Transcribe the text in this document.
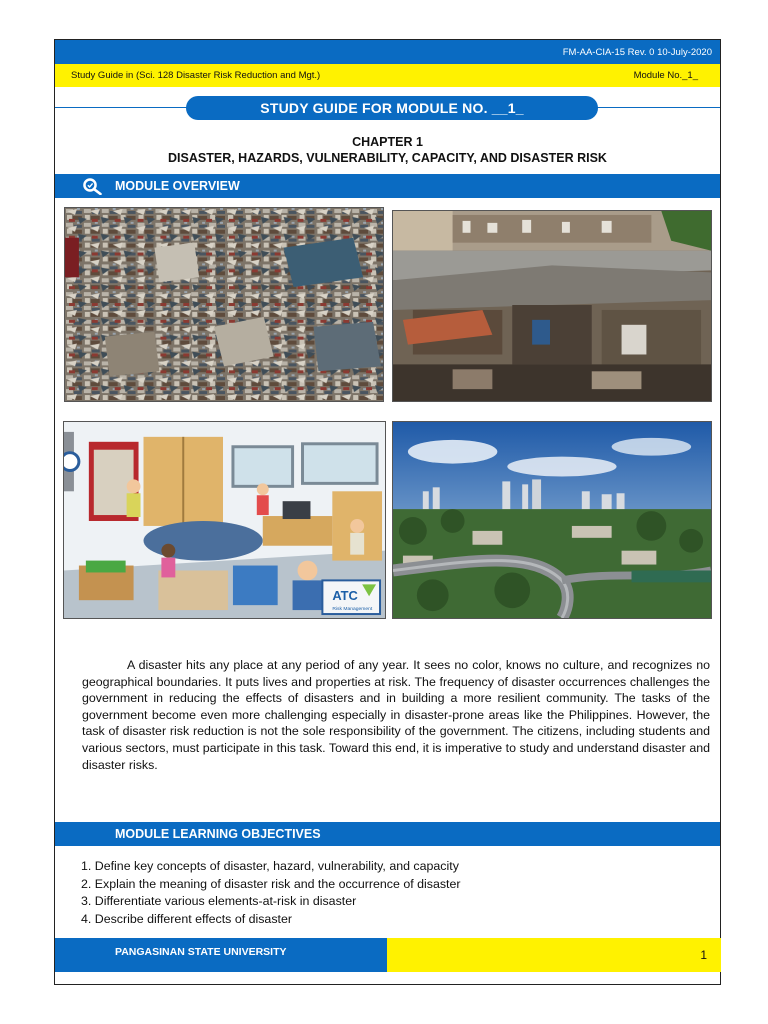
FM-AA-CIA-15 Rev. 0 10-July-2020
Study Guide in (Sci. 128 Disaster Risk Reduction and Mgt.)	Module No._1_
STUDY GUIDE FOR MODULE NO. __1_
CHAPTER 1
DISASTER, HAZARDS, VULNERABILITY, CAPACITY, AND DISASTER RISK
MODULE OVERVIEW
ATC
Risk Management

A disaster hits any place at any period of any year. It sees no color, knows no culture, and recognizes no geographical boundaries. It puts lives and properties at risk. The frequency of disaster occurrences challenges the government in reducing the effects of disasters and in building a more resilient community. The tasks of the government become even more challenging especially in disaster-prone areas like the Philippines. However, the task of disaster risk reduction is not the sole responsibility of the government. The citizens, including students and various sectors, must participate in this task. Toward this end, it is imperative to study and understand disaster and disaster risks.

MODULE LEARNING OBJECTIVES
1. Define key concepts of disaster, hazard, vulnerability, and capacity
2. Explain the meaning of disaster risk and the occurrence of disaster
3. Differentiate various elements-at-risk in disaster
4. Describe different effects of disaster
PANGASINAN STATE UNIVERSITY	1
